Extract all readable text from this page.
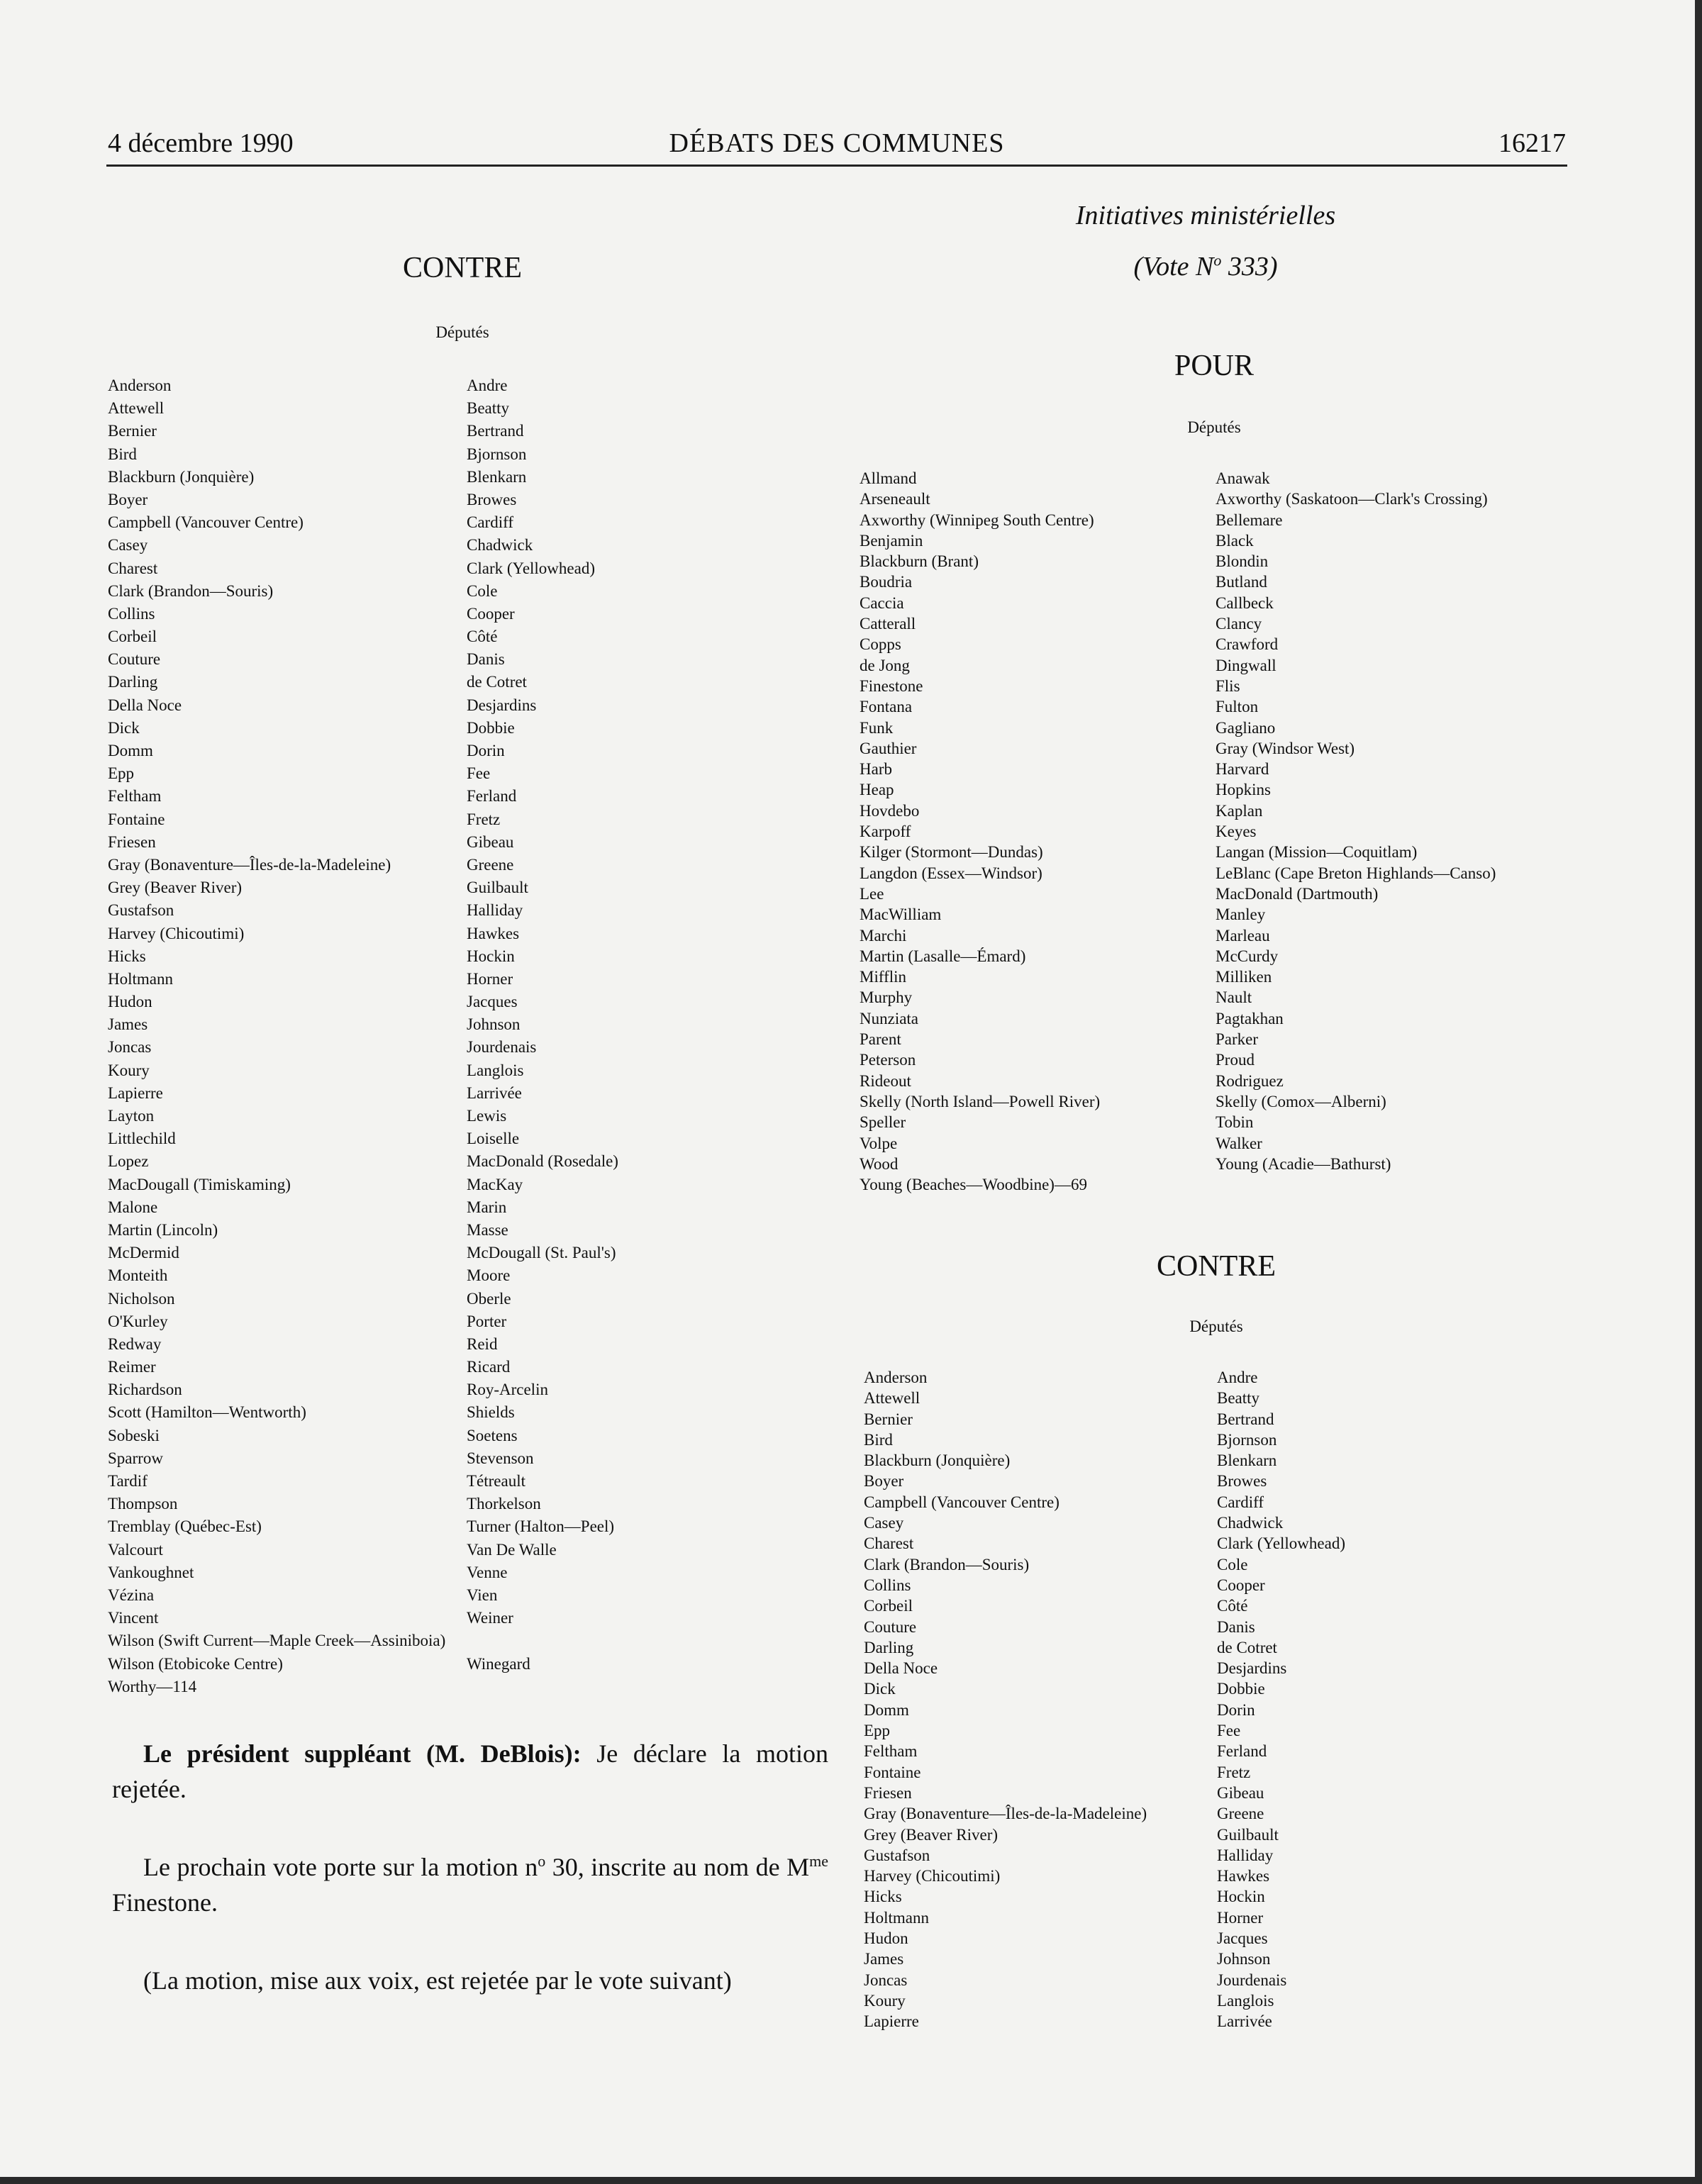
4 décembre 1990	DÉBATS DES COMMUNES	16217
CONTRE
Députés
Anderson
Attewell
Bernier
Bird
Blackburn (Jonquière)
Boyer
Campbell (Vancouver Centre)
Casey
Charest
Clark (Brandon—Souris)
Collins
Corbeil
Couture
Darling
Della Noce
Dick
Domm
Epp
Feltham
Fontaine
Friesen
Gray (Bonaventure—Îles-de-la-Madeleine)
Grey (Beaver River)
Gustafson
Harvey (Chicoutimi)
Hicks
Holtmann
Hudon
James
Joncas
Koury
Lapierre
Layton
Littlechild
Lopez
MacDougall (Timiskaming)
Malone
Martin (Lincoln)
McDermid
Monteith
Nicholson
O'Kurley
Redway
Reimer
Richardson
Scott (Hamilton—Wentworth)
Sobeski
Sparrow
Tardif
Thompson
Tremblay (Québec-Est)
Valcourt
Vankoughnet
Vézina
Vincent
Wilson (Swift Current—Maple Creek—Assiniboia)
Wilson (Etobicoke Centre)
Worthy—114
Andre
Beatty
Bertrand
Bjornson
Blenkarn
Browes
Cardiff
Chadwick
Clark (Yellowhead)
Cole
Cooper
Côté
Danis
de Cotret
Desjardins
Dobbie
Dorin
Fee
Ferland
Fretz
Gibeau
Greene
Guilbault
Halliday
Hawkes
Hockin
Horner
Jacques
Johnson
Jourdenais
Langlois
Larrivée
Lewis
Loiselle
MacDonald (Rosedale)
MacKay
Marin
Masse
McDougall (St. Paul's)
Moore
Oberle
Porter
Reid
Ricard
Roy-Arcelin
Shields
Soetens
Stevenson
Tétreault
Thorkelson
Turner (Halton—Peel)
Van De Walle
Venne
Vien
Weiner
Winegard

Le président suppléant (M. DeBlois): Je déclare la motion rejetée.

Le prochain vote porte sur la motion $n^o$ 30, inscrite au nom de $M^{me}$ Finestone.

(La motion, mise aux voix, est rejetée par le vote suivant)

Initiatives ministérielles
(Vote $N^o$ 333)
POUR
Députés
Allmand
Arseneault
Axworthy (Winnipeg South Centre)
Benjamin
Blackburn (Brant)
Boudria
Caccia
Catterall
Copps
de Jong
Finestone
Fontana
Funk
Gauthier
Harb
Heap
Hovdebo
Karpoff
Kilger (Stormont—Dundas)
Langdon (Essex—Windsor)
Lee
MacWilliam
Marchi
Martin (Lasalle—Émard)
Mifflin
Murphy
Nunziata
Parent
Peterson
Rideout
Skelly (North Island—Powell River)
Speller
Volpe
Wood
Young (Beaches—Woodbine)—69
Anawak
Axworthy (Saskatoon—Clark's Crossing)
Bellemare
Black
Blondin
Butland
Callbeck
Clancy
Crawford
Dingwall
Flis
Fulton
Gagliano
Gray (Windsor West)
Harvard
Hopkins
Kaplan
Keyes
Langan (Mission—Coquitlam)
LeBlanc (Cape Breton Highlands—Canso)
MacDonald (Dartmouth)
Manley
Marleau
McCurdy
Milliken
Nault
Pagtakhan
Parker
Proud
Rodriguez
Skelly (Comox—Alberni)
Tobin
Walker
Young (Acadie—Bathurst)
CONTRE
Députés
Anderson
Attewell
Bernier
Bird
Blackburn (Jonquière)
Boyer
Campbell (Vancouver Centre)
Casey
Charest
Clark (Brandon—Souris)
Collins
Corbeil
Couture
Darling
Della Noce
Dick
Domm
Epp
Feltham
Fontaine
Friesen
Gray (Bonaventure—Îles-de-la-Madeleine)
Grey (Beaver River)
Gustafson
Harvey (Chicoutimi)
Hicks
Holtmann
Hudon
James
Joncas
Koury
Lapierre
Andre
Beatty
Bertrand
Bjornson
Blenkarn
Browes
Cardiff
Chadwick
Clark (Yellowhead)
Cole
Cooper
Côté
Danis
de Cotret
Desjardins
Dobbie
Dorin
Fee
Ferland
Fretz
Gibeau
Greene
Guilbault
Halliday
Hawkes
Hockin
Horner
Jacques
Johnson
Jourdenais
Langlois
Larrivée
